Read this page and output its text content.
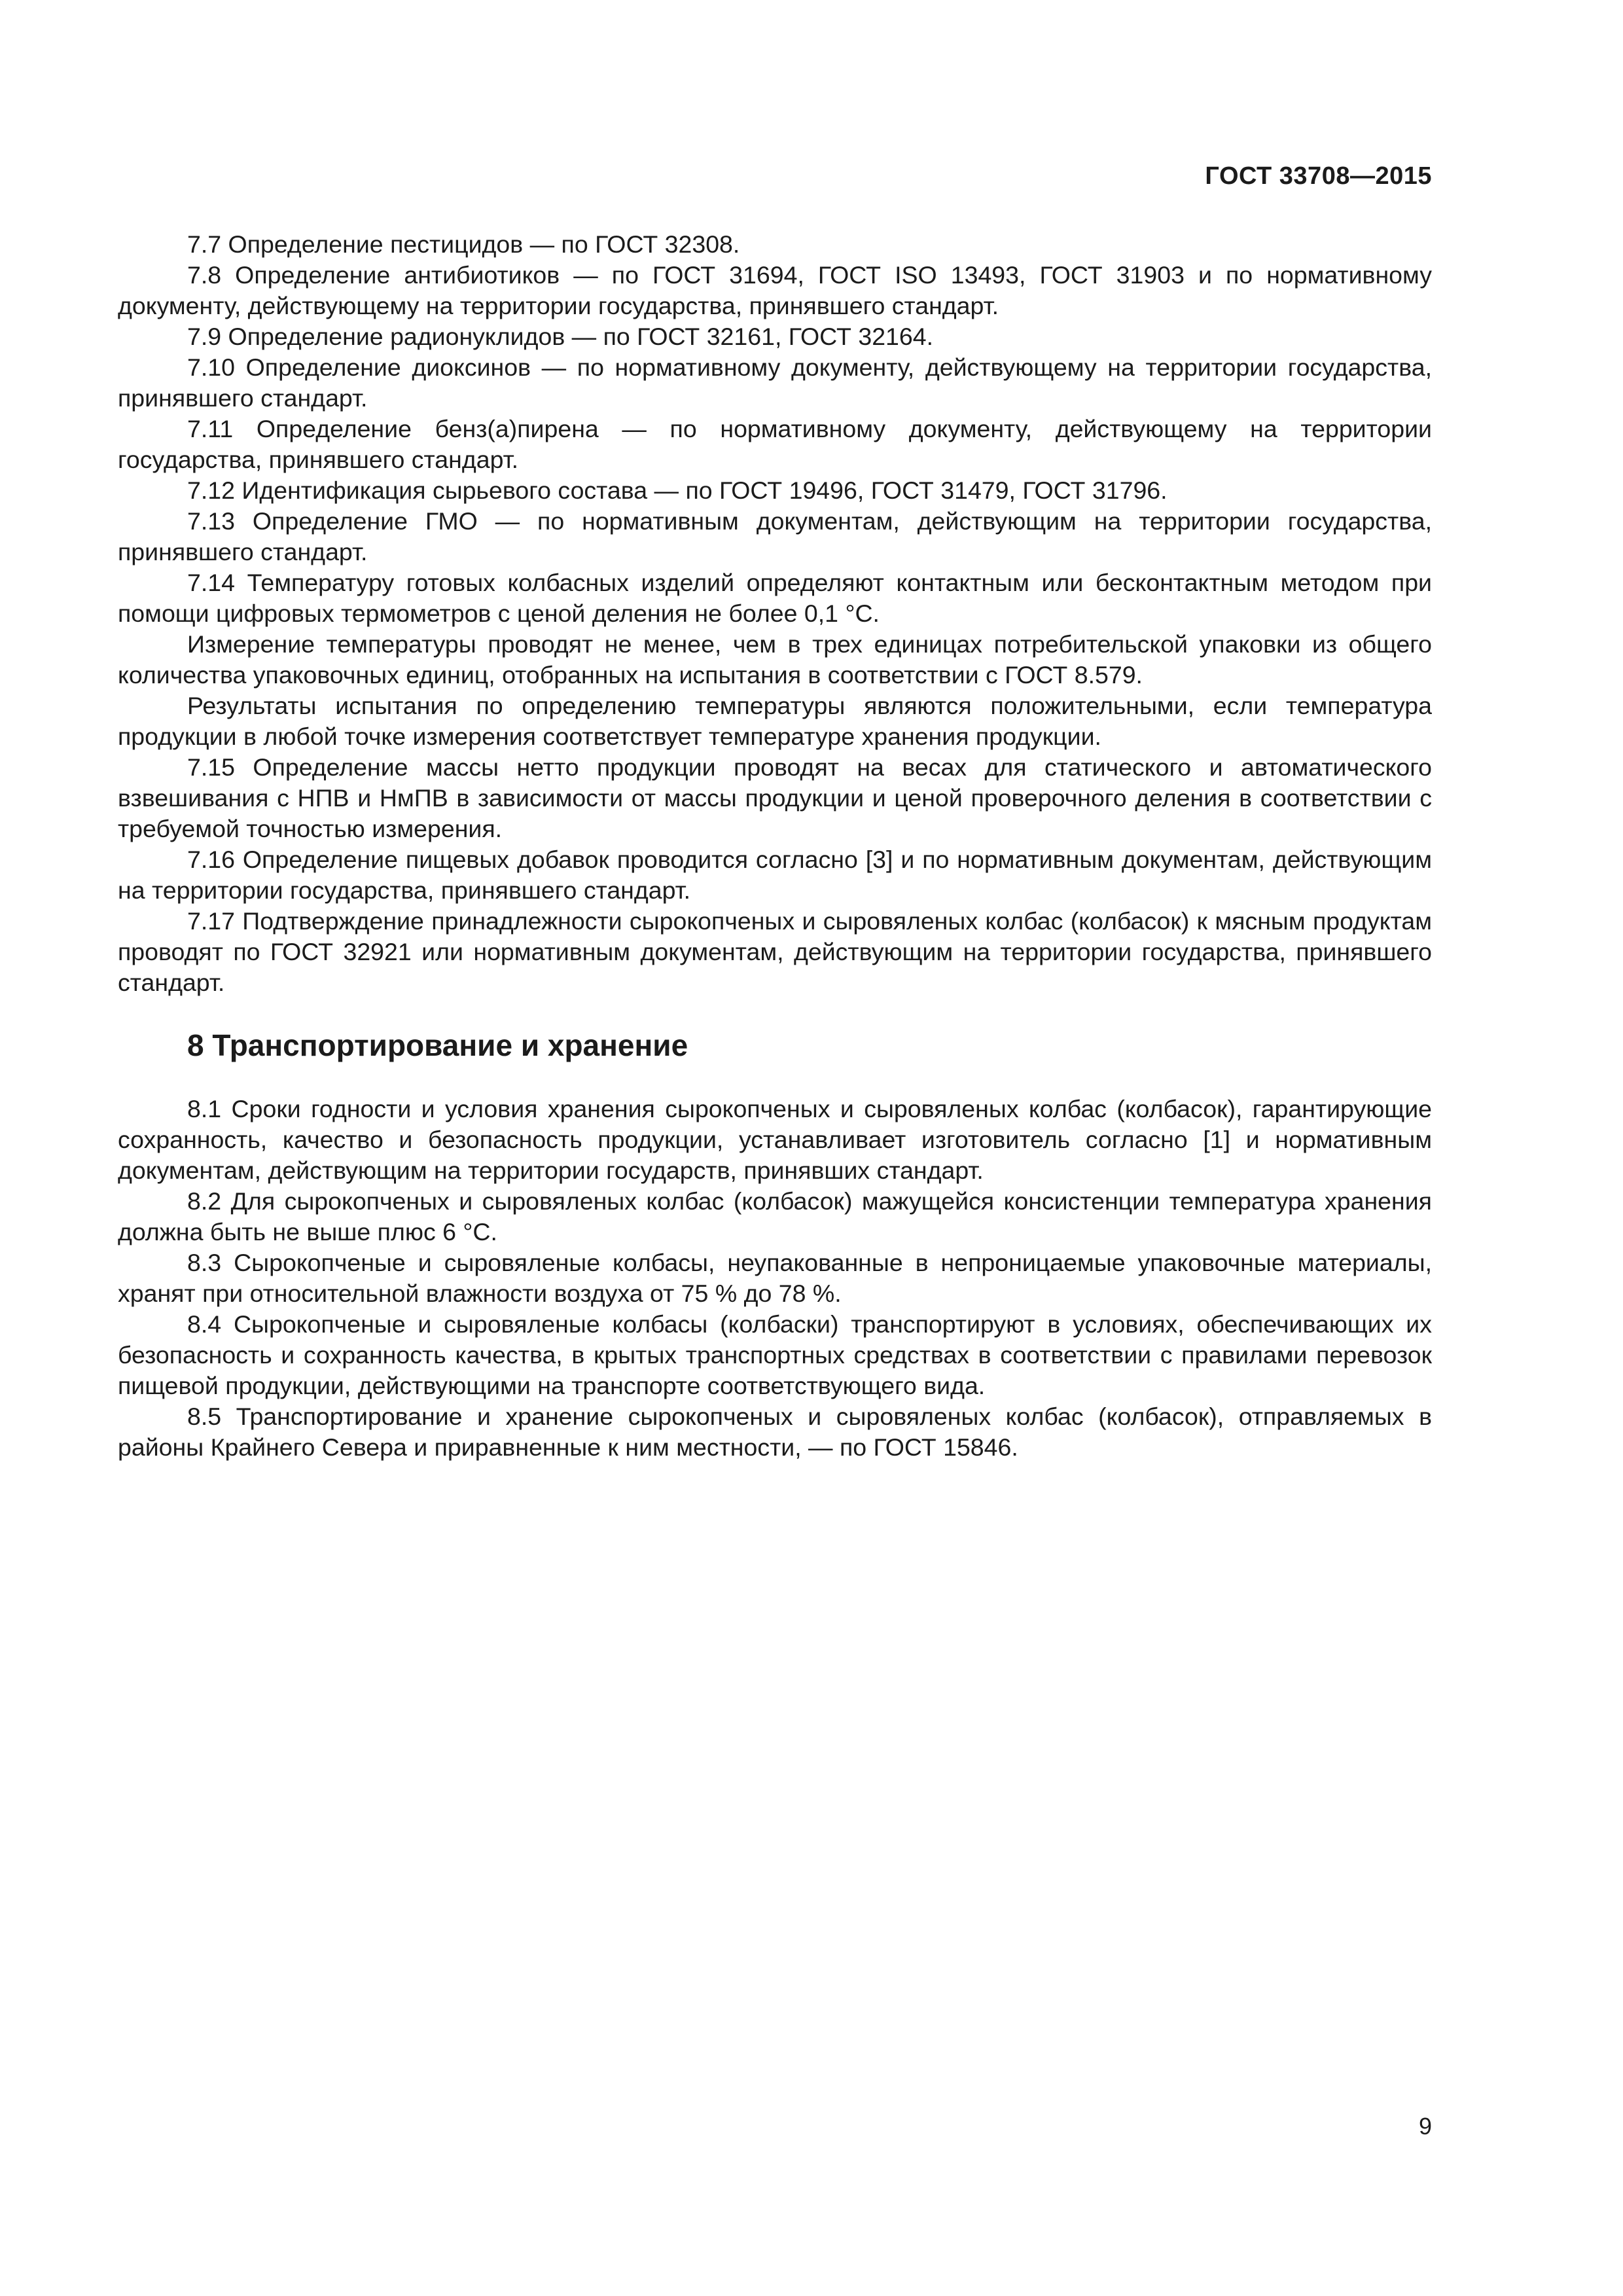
ГОСТ 33708—2015

7.7 Определение пестицидов — по ГОСТ 32308.

7.8 Определение антибиотиков — по ГОСТ 31694, ГОСТ ISO 13493, ГОСТ 31903 и по нормативному документу, действующему на территории государства, принявшего стандарт.

7.9 Определение радионуклидов — по ГОСТ 32161, ГОСТ 32164.

7.10 Определение диоксинов — по нормативному документу, действующему на территории государства, принявшего стандарт.

7.11 Определение бенз(а)пирена — по нормативному документу, действующему на территории государства, принявшего стандарт.

7.12 Идентификация сырьевого состава — по ГОСТ 19496, ГОСТ 31479, ГОСТ 31796.

7.13 Определение ГМО — по нормативным документам, действующим на территории государства, принявшего стандарт.

7.14 Температуру готовых колбасных изделий определяют контактным или бесконтактным методом при помощи цифровых термометров с ценой деления не более 0,1 °С.

Измерение температуры проводят не менее, чем в трех единицах потребительской упаковки из общего количества упаковочных единиц, отобранных на испытания в соответствии с ГОСТ 8.579.

Результаты испытания по определению температуры являются положительными, если температура продукции в любой точке измерения соответствует температуре хранения продукции.

7.15 Определение массы нетто продукции проводят на весах для статического и автоматического взвешивания с НПВ и НмПВ в зависимости от массы продукции и ценой проверочного деления в соответствии с требуемой точностью измерения.

7.16 Определение пищевых добавок проводится согласно [3] и по нормативным документам, действующим на территории государства, принявшего стандарт.

7.17 Подтверждение принадлежности сырокопченых и сыровяленых колбас (колбасок) к мясным продуктам проводят по ГОСТ 32921 или нормативным документам, действующим на территории государства, принявшего стандарт.

8 Транспортирование и хранение

8.1 Сроки годности и условия хранения сырокопченых и сыровяленых колбас (колбасок), гарантирующие сохранность, качество и безопасность продукции, устанавливает изготовитель согласно [1] и нормативным документам, действующим на территории государств, принявших стандарт.

8.2 Для сырокопченых и сыровяленых колбас (колбасок) мажущейся консистенции температура хранения должна быть не выше плюс 6 °С.

8.3 Сырокопченые и сыровяленые колбасы, неупакованные в непроницаемые упаковочные материалы, хранят при относительной влажности воздуха от 75 % до 78 %.

8.4 Сырокопченые и сыровяленые колбасы (колбаски) транспортируют в условиях, обеспечивающих их безопасность и сохранность качества, в крытых транспортных средствах в соответствии с правилами перевозок пищевой продукции, действующими на транспорте соответствующего вида.

8.5 Транспортирование и хранение сырокопченых и сыровяленых колбас (колбасок), отправляемых в районы Крайнего Севера и приравненные к ним местности, — по ГОСТ 15846.

9
